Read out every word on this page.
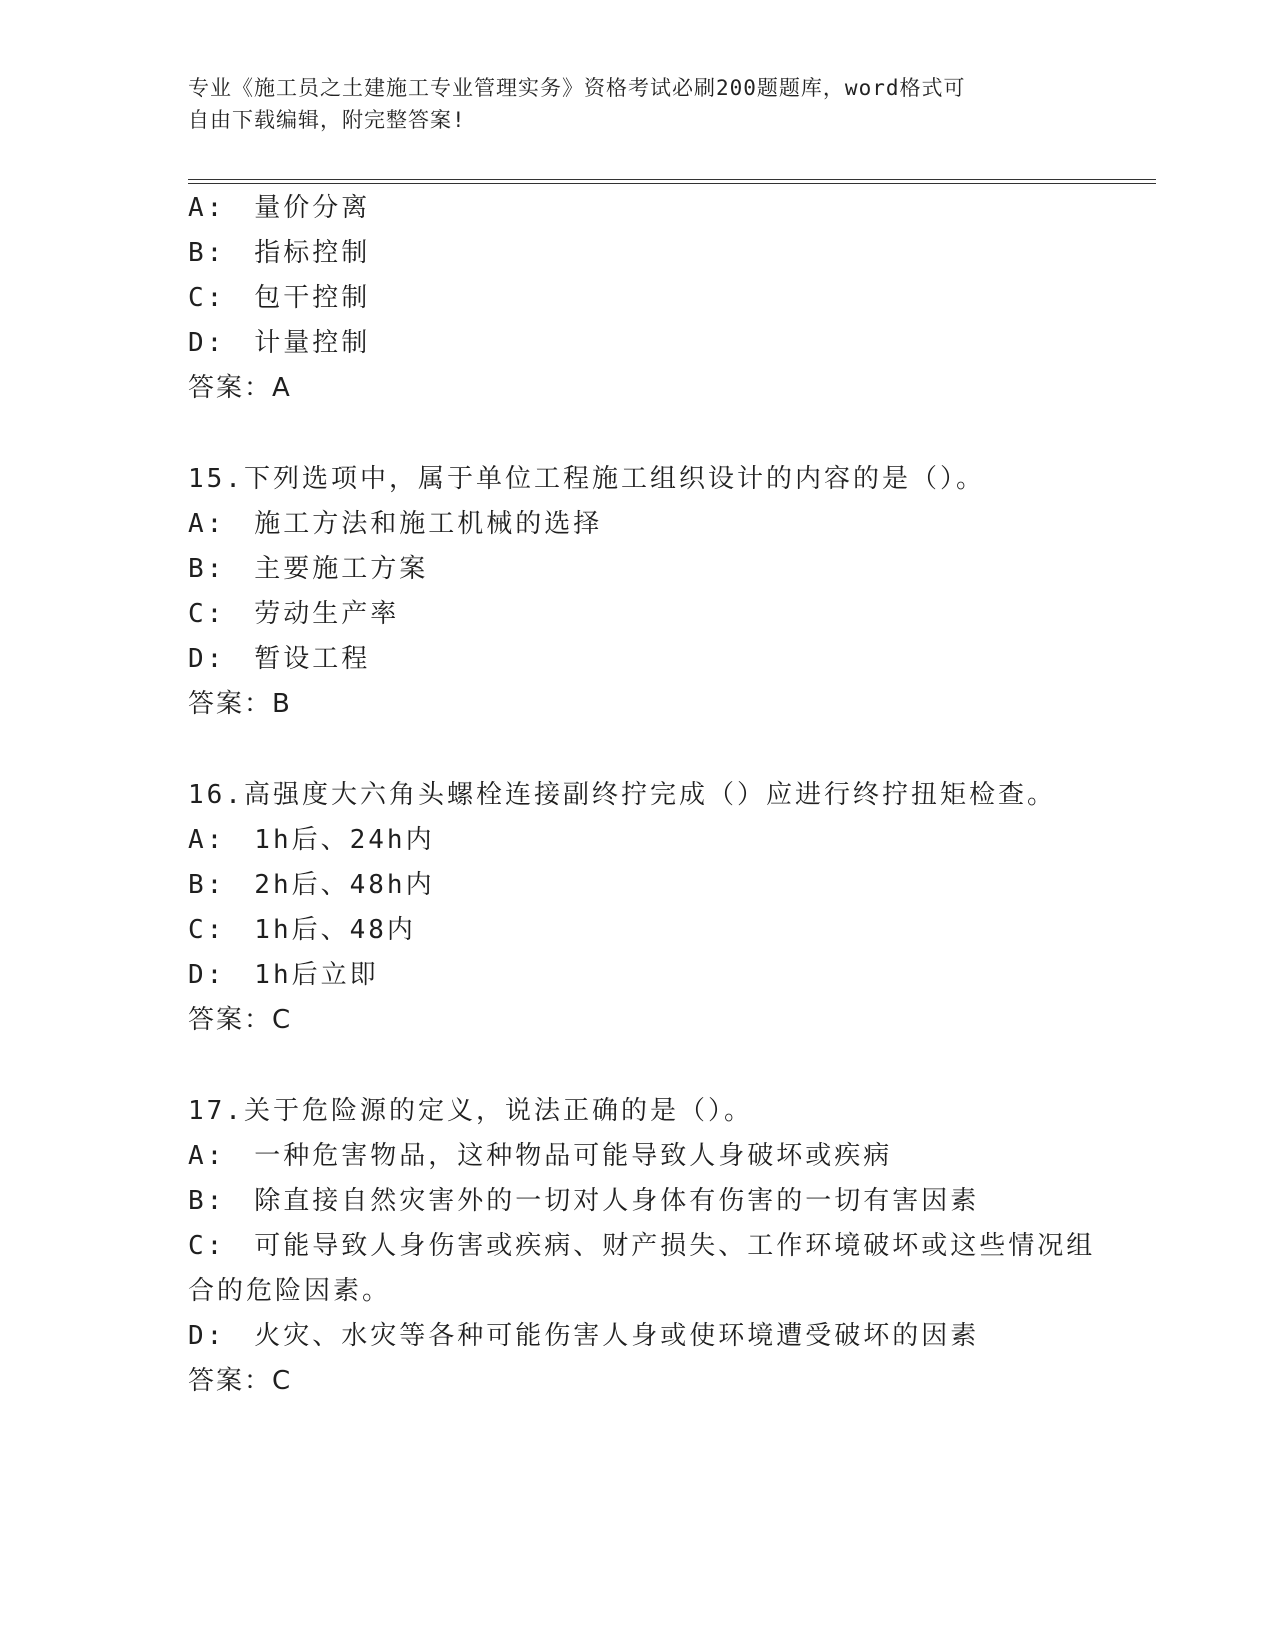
专业《施工员之土建施工专业管理实务》资格考试必刷200题题库，word格式可
自由下载编辑，附完整答案!
A:　量价分离
B:　指标控制
C:　包干控制
D:　计量控制
答案：A
15.下列选项中，属于单位工程施工组织设计的内容的是（）。
A:　施工方法和施工机械的选择
B:　主要施工方案
C:　劳动生产率
D:　暂设工程
答案：B
16.高强度大六角头螺栓连接副终拧完成（）应进行终拧扭矩检查。
A:　1h后、24h内
B:　2h后、48h内
C:　1h后、48内
D:　1h后立即
答案：C
17.关于危险源的定义，说法正确的是（）。
A:　一种危害物品，这种物品可能导致人身破坏或疾病
B:　除直接自然灾害外的一切对人身体有伤害的一切有害因素
C:　可能导致人身伤害或疾病、财产损失、工作环境破坏或这些情况组
合的危险因素。
D:　火灾、水灾等各种可能伤害人身或使环境遭受破坏的因素
答案：C
